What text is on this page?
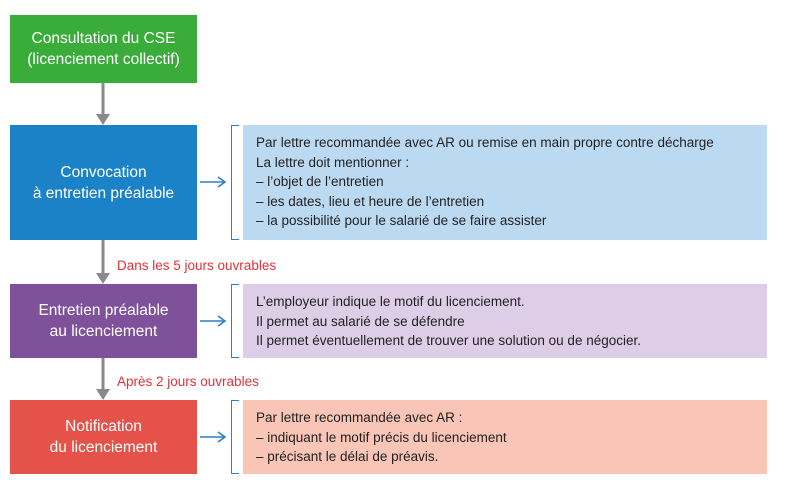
Consultation du CSE
(licenciement collectif)
Convocation
à entretien préalable
Par lettre recommandée avec AR ou remise en main propre contre décharge
La lettre doit mentionner :
– l’objet de l’entretien
– les dates, lieu et heure de l’entretien
– la possibilité pour le salarié de se faire assister
Dans les 5 jours ouvrables
Entretien préalable
au licenciement
L’employeur indique le motif du licenciement.
Il permet au salarié de se défendre
Il permet éventuellement de trouver une solution ou de négocier.
Après 2 jours ouvrables
Notification
du licenciement
Par lettre recommandée avec AR :
– indiquant le motif précis du licenciement
– précisant le délai de préavis.
